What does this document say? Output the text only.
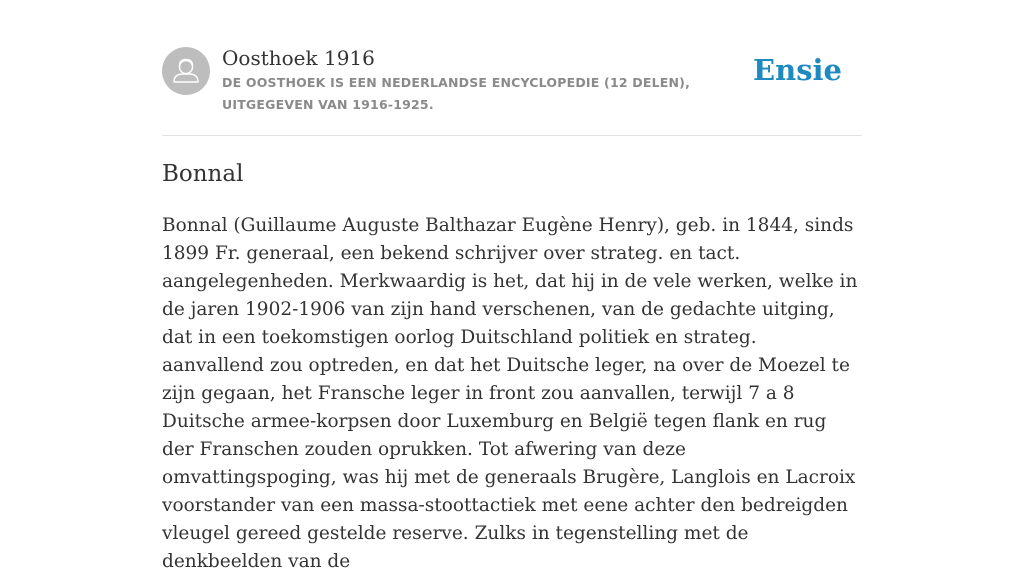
Oosthoek 1916
DE OOSTHOEK IS EEN NEDERLANDSE ENCYCLOPEDIE (12 DELEN), UITGEGEVEN VAN 1916-1925.
Ensie
Bonnal

Bonnal (Guillaume Auguste Balthazar Eugène Henry), geb. in 1844, sinds 1899 Fr. generaal, een bekend schrijver over strateg. en tact. aangelegenheden. Merkwaardig is het, dat hij in de vele werken, welke in de jaren 1902-1906 van zijn hand verschenen, van de gedachte uitging, dat in een toekomstigen oorlog Duitschland politiek en strateg. aanvallend zou optreden, en dat het Duitsche leger, na over de Moezel te zijn gegaan, het Fransche leger in front zou aanvallen, terwijl 7 a 8 Duitsche armee-korpsen door Luxemburg en België tegen flank en rug der Franschen zouden oprukken. Tot afwering van deze omvattingspoging, was hij met de generaals Brugère, Langlois en Lacroix voorstander van een massa-stoottactiek met eene achter den bedreigden vleugel gereed gestelde reserve. Zulks in tegenstelling met de denkbeelden van de
